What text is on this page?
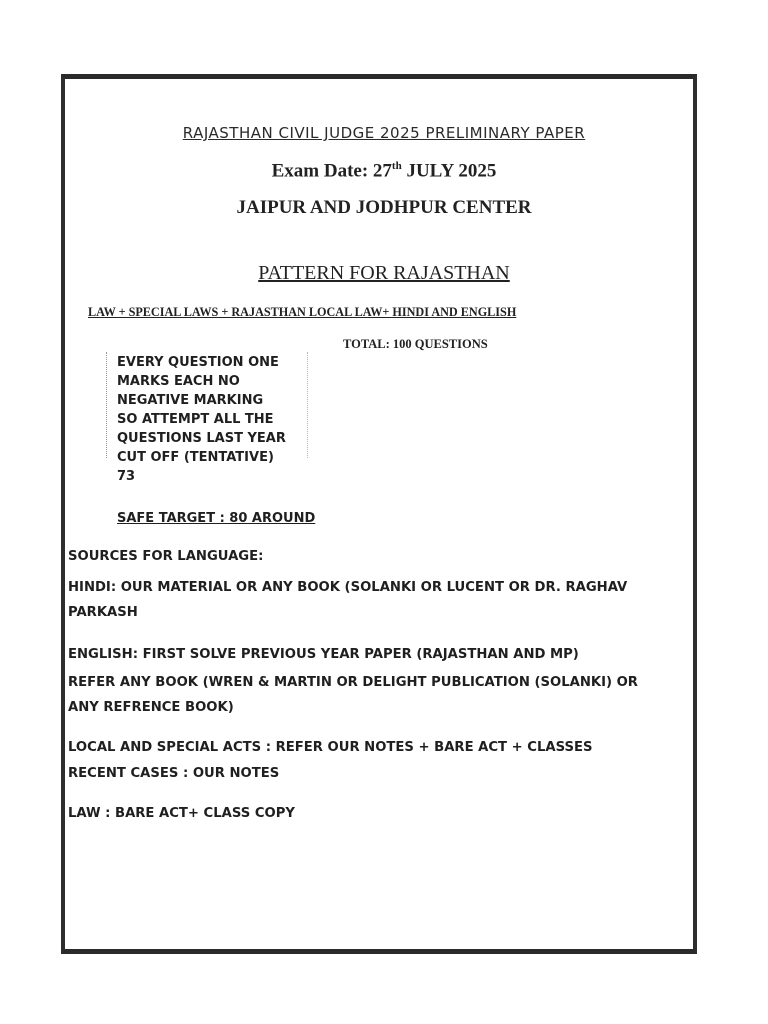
RAJASTHAN CIVIL JUDGE 2025 PRELIMINARY PAPER
Exam Date: 27th JULY 2025
JAIPUR AND JODHPUR CENTER
PATTERN FOR RAJASTHAN
LAW + SPECIAL LAWS + RAJASTHAN LOCAL LAW+ HINDI AND ENGLISH
TOTAL: 100 QUESTIONS
EVERY QUESTION ONE
MARKS EACH NO
NEGATIVE MARKING
SO ATTEMPT ALL THE
QUESTIONS LAST YEAR
CUT OFF (TENTATIVE)
73
SAFE TARGET : 80 AROUND
SOURCES FOR LANGUAGE:
HINDI: OUR MATERIAL OR ANY BOOK (SOLANKI OR LUCENT OR DR. RAGHAV
PARKASH
ENGLISH: FIRST SOLVE PREVIOUS YEAR PAPER (RAJASTHAN AND MP)
REFER ANY BOOK (WREN & MARTIN OR DELIGHT PUBLICATION (SOLANKI) OR
ANY REFRENCE BOOK)
LOCAL AND SPECIAL ACTS : REFER OUR NOTES + BARE ACT + CLASSES
RECENT CASES : OUR NOTES
LAW : BARE ACT+ CLASS COPY
